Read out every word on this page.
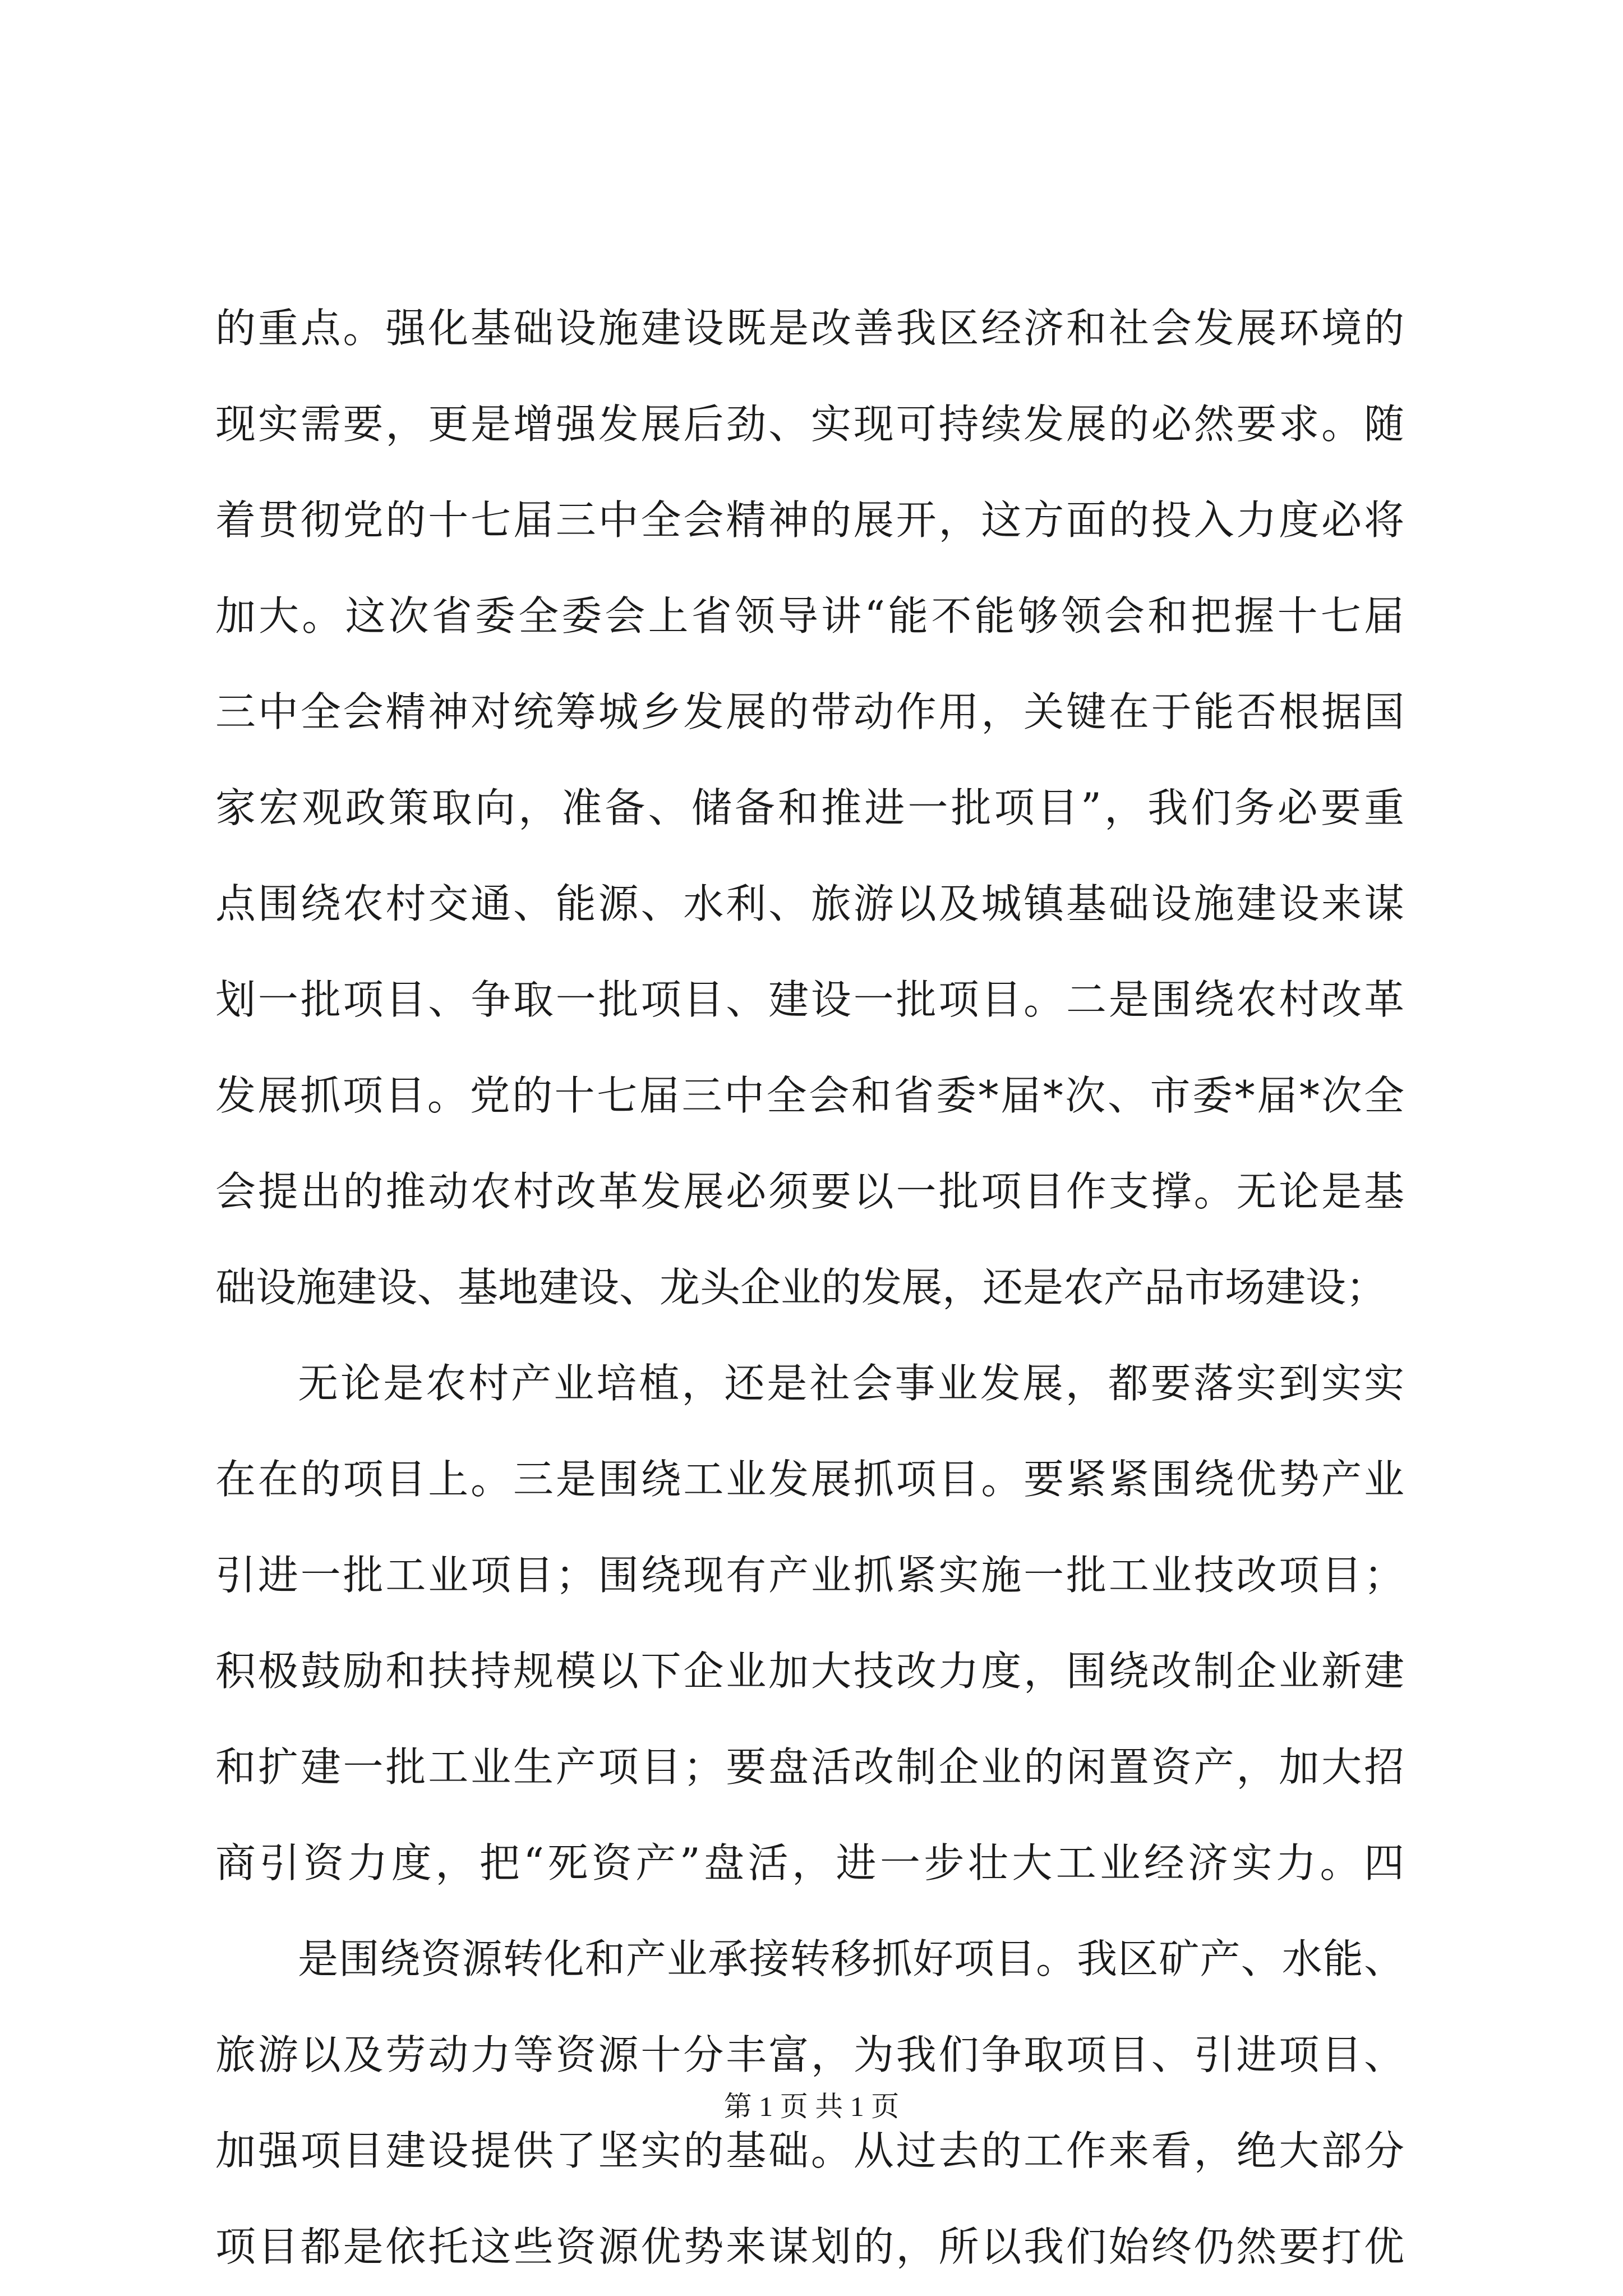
的重点。强化基础设施建设既是改善我区经济和社会发展环境的
现实需要，更是增强发展后劲、实现可持续发展的必然要求。随
着贯彻党的十七届三中全会精神的展开，这方面的投入力度必将
加大。这次省委全委会上省领导讲“能不能够领会和把握十七届
三中全会精神对统筹城乡发展的带动作用，关键在于能否根据国
家宏观政策取向，准备、储备和推进一批项目”，我们务必要重
点围绕农村交通、能源、水利、旅游以及城镇基础设施建设来谋
划一批项目、争取一批项目、建设一批项目。二是围绕农村改革
发展抓项目。党的十七届三中全会和省委*届*次、市委*届*次全
会提出的推动农村改革发展必须要以一批项目作支撑。无论是基
础设施建设、基地建设、龙头企业的发展，还是农产品市场建设；
无论是农村产业培植，还是社会事业发展，都要落实到实实
在在的项目上。三是围绕工业发展抓项目。要紧紧围绕优势产业
引进一批工业项目；围绕现有产业抓紧实施一批工业技改项目；
积极鼓励和扶持规模以下企业加大技改力度，围绕改制企业新建
和扩建一批工业生产项目；要盘活改制企业的闲置资产，加大招
商引资力度，把“死资产”盘活，进一步壮大工业经济实力。四
是围绕资源转化和产业承接转移抓好项目。我区矿产、水能、
旅游以及劳动力等资源十分丰富，为我们争取项目、引进项目、
加强项目建设提供了坚实的基础。从过去的工作来看，绝大部分
项目都是依托这些资源优势来谋划的，所以我们始终仍然要打优
第 1 页 共 1 页
